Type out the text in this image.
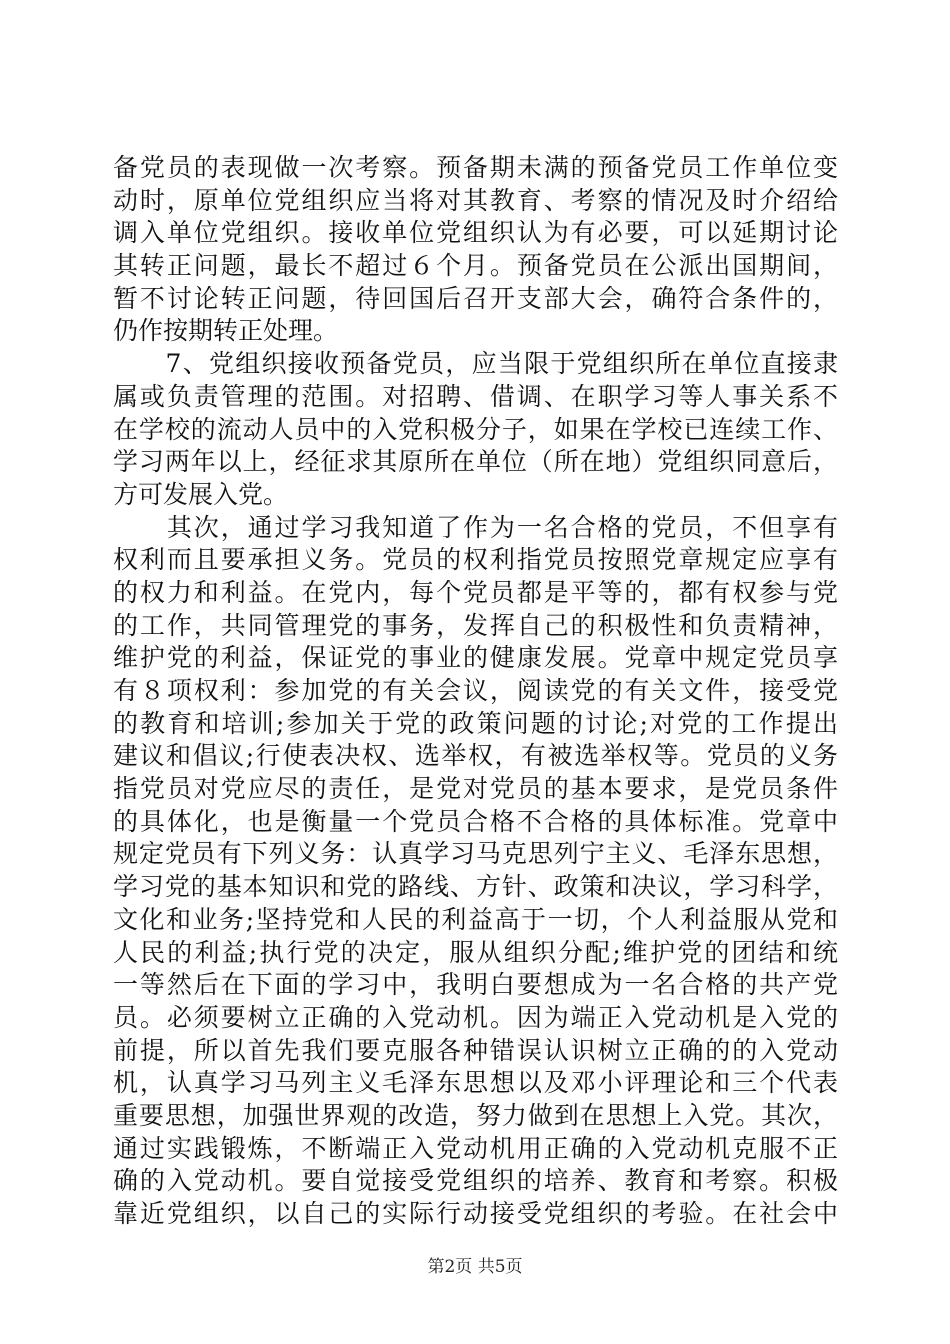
备党员的表现做一次考察。预备期未满的预备党员工作单位变
动时，原单位党组织应当将对其教育、考察的情况及时介绍给
调入单位党组织。接收单位党组织认为有必要，可以延期讨论
其转正问题，最长不超过６个月。预备党员在公派出国期间，
暂不讨论转正问题，待回国后召开支部大会，确符合条件的，
仍作按期转正处理。
　　7、党组织接收预备党员，应当限于党组织所在单位直接隶
属或负责管理的范围。对招聘、借调、在职学习等人事关系不
在学校的流动人员中的入党积极分子，如果在学校已连续工作、
学习两年以上，经征求其原所在单位（所在地）党组织同意后，
方可发展入党。
　　其次，通过学习我知道了作为一名合格的党员，不但享有
权利而且要承担义务。党员的权利指党员按照党章规定应享有
的权力和利益。在党内，每个党员都是平等的，都有权参与党
的工作，共同管理党的事务，发挥自己的积极性和负责精神，
维护党的利益，保证党的事业的健康发展。党章中规定党员享
有８项权利：参加党的有关会议，阅读党的有关文件，接受党
的教育和培训;参加关于党的政策问题的讨论;对党的工作提出
建议和倡议;行使表决权、选举权，有被选举权等。党员的义务
指党员对党应尽的责任，是党对党员的基本要求，是党员条件
的具体化，也是衡量一个党员合格不合格的具体标准。党章中
规定党员有下列义务：认真学习马克思列宁主义、毛泽东思想，
学习党的基本知识和党的路线、方针、政策和决议，学习科学，
文化和业务;坚持党和人民的利益高于一切，个人利益服从党和
人民的利益;执行党的决定，服从组织分配;维护党的团结和统
一等然后在下面的学习中，我明白要想成为一名合格的共产党
员。必须要树立正确的入党动机。因为端正入党动机是入党的
前提，所以首先我们要克服各种错误认识树立正确的的入党动
机，认真学习马列主义毛泽东思想以及邓小评理论和三个代表
重要思想，加强世界观的改造，努力做到在思想上入党。其次，
通过实践锻炼，不断端正入党动机用正确的入党动机克服不正
确的入党动机。要自觉接受党组织的培养、教育和考察。积极
靠近党组织，以自己的实际行动接受党组织的考验。在社会中
第2页 共5页
